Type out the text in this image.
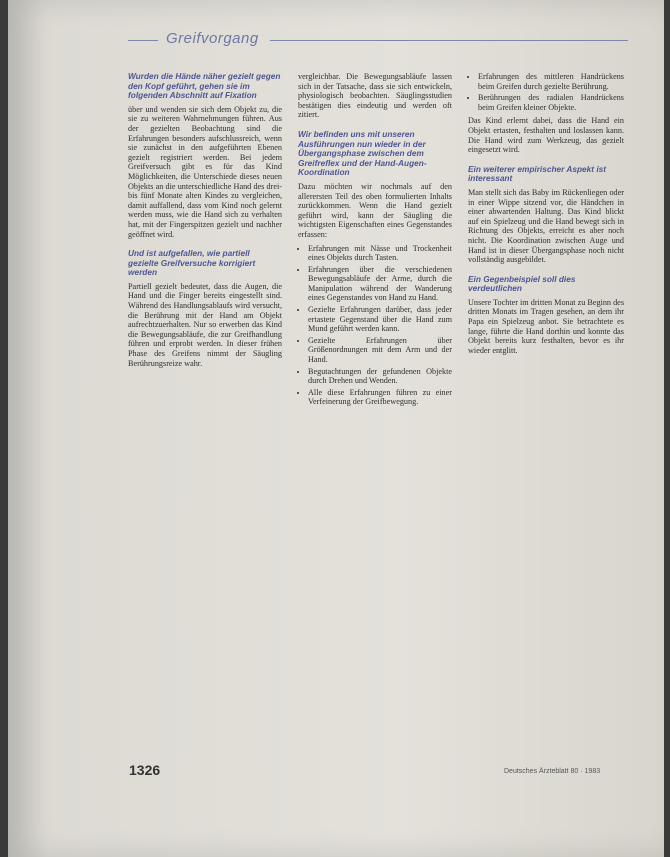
Greifvorgang
Wurden die Hände näher gezielt gegen den Kopf geführt, gehen sie im folgenden Abschnitt auf Fixation

über und wenden sie sich dem Objekt zu, die sie zu weiteren Wahrnehmungen führen. Aus der gezielten Beobachtung sind die Erfahrungen besonders aufschlussreich, wenn sie zunächst in den aufgeführten Ebenen gezielt registriert werden. Bei jedem Greifversuch gibt es für das Kind Möglichkeiten, die Unterschiede dieses neuen Objekts an die unterschiedliche Hand des drei- bis fünf Monate alten Kindes zu vergleichen, damit auffallend, dass vom Kind noch gelernt werden muss, wie die Hand sich zu verhalten hat, mit der Fingerspitzen gezielt und nachher geöffnet wird.

Und ist aufgefallen, wie partiell gezielte Greifversuche korrigiert werden

Partiell gezielt bedeutet, dass die Augen, die Hand und die Finger bereits eingestellt sind. Während des Handlungsablaufs wird versucht, die Berührung mit der Hand am Objekt aufrechtzuerhalten. Nur so erwerben das Kind die Bewegungsabläufe, die zur Greifhandlung führen und erprobt werden. In dieser frühen Phase des Greifens nimmt der Säugling Berührungsreize wahr.

vergleichbar. Die Bewegungsabläufe lassen sich in der Tatsache, dass sie sich entwickeln, physiologisch beobachten. Säuglingsstudien bestätigen dies eindeutig und werden oft zitiert.

Wir befinden uns mit unseren Ausführungen nun wieder in der Übergangsphase zwischen dem Greifreflex und der Hand-Augen-Koordination

Dazu möchten wir nochmals auf den allerersten Teil des oben formulierten Inhalts zurückkommen. Wenn die Hand gezielt geführt wird, kann der Säugling die wichtigsten Eigenschaften eines Gegenstandes erfassen:

• Erfahrungen mit Nässe und Trockenheit eines Objekts durch Tasten.
• Erfahrungen über die verschiedenen Bewegungsabläufe der Arme, durch die Manipulation während der Wanderung eines Gegenstandes von Hand zu Hand.
• Gezielte Erfahrungen darüber, dass jeder ertastete Gegenstand über die Hand zum Mund geführt werden kann.
• Gezielte Erfahrungen über Größenordnungen mit dem Arm und der Hand.
• Begutachtungen der gefundenen Objekte durch Drehen und Wenden.
• Alle diese Erfahrungen führen zu einer Verfeinerung der Greifbewegung.
• Erfahrungen des mittleren Handrückens beim Greifen durch gezielte Berührung.
• Berührungen des radialen Handrückens beim Greifen kleiner Objekte.

Das Kind erlernt dabei, dass die Hand ein Objekt ertasten, festhalten und loslassen kann. Die Hand wird zum Werkzeug, das gezielt eingesetzt wird.

Ein weiterer empirischer Aspekt ist interessant

Man stellt sich das Baby im Rückenliegen oder in einer Wippe sitzend vor, die Händchen in einer abwartenden Haltung. Das Kind blickt auf ein Spielzeug und die Hand bewegt sich in Richtung des Objekts, erreicht es aber noch nicht. Die Koordination zwischen Auge und Hand ist in dieser Übergangsphase noch nicht vollständig ausgebildet.

Ein Gegenbeispiel soll dies verdeutlichen

Unsere Tochter im dritten Monat zu Beginn des dritten Monats im Tragen gesehen, an dem ihr Papa ein Spielzeug anbot. Sie betrachtete es lange, führte die Hand dorthin und konnte das Objekt bereits kurz festhalten, bevor es ihr wieder entglitt.

1326	Deutsches Ärzteblatt 80 · 1983
